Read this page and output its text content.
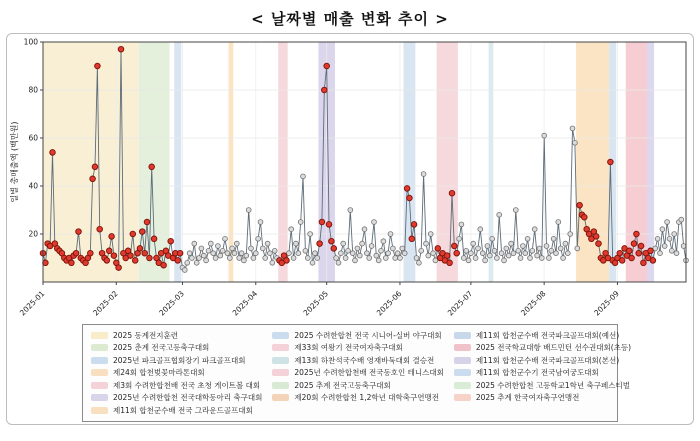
< 날짜별 매출 변화 추이 >
20
40
60
80
100
2025-01	2025-02	2025-03	2025-04	2025-05	2025-06	2025-07	2025-08	2025-09
일별 총매출액 (백만원)
2025 동계전지훈련
2025 춘계 전국고등축구대회
2025년 파크골프협회장기 파크골프대회
제24회 합천벚꽃마라톤대회
제3회 수려한합천배 전국 초청 게이트볼 대회
2025년 수려한합천 전국대학동아리 축구대회
제11회 합천군수배 전국 그라운드골프대회
2025 수려한합천 전국 시니어-실버 야구대회
제33회 여왕기 전국여자축구대회
제13회 하찬석국수배 영재바둑대회 결승전
2025년 수려한합천배 전국동호인 테니스대회
2025 추계 전국고등축구대회
제20회 수려한합천 1,2학년 대학축구연맹전
제11회 합천군수배 전국파크골프대회(예선)
2025 전국학교대항 배드민턴 선수권대회(초등)
제11회 합천군수배 전국파크골프대회(본선)
제11회 합천군수기 전국남여궁도대회
2025 수려한합천 고등학교1학년 축구페스티벌
2025 추계 한국여자축구연맹전
